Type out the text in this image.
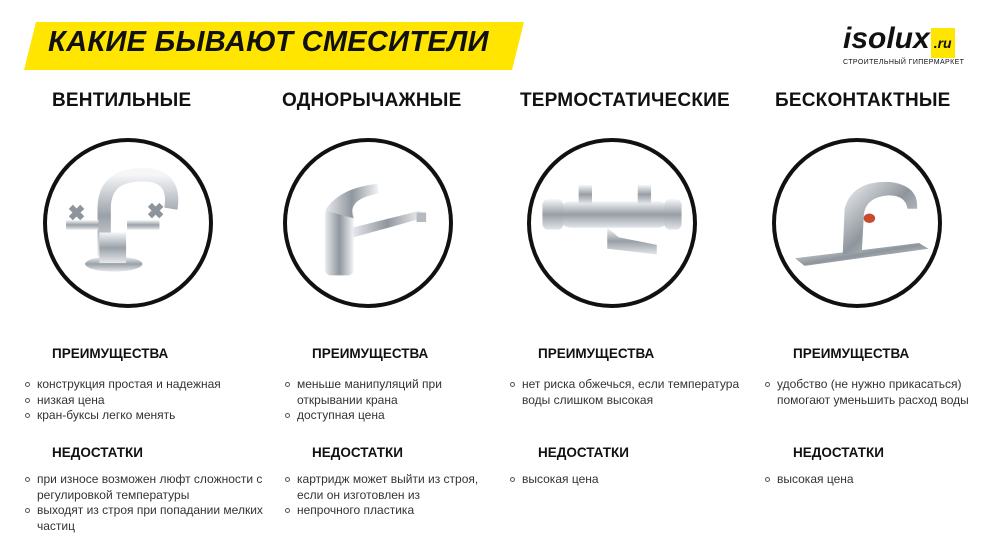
КАКИЕ БЫВАЮТ СМЕСИТЕЛИ	isolux .ru
СТРОИТЕЛЬНЫЙ ГИПЕРМАРКЕТ
ВЕНТИЛЬНЫЕ
ПРЕИМУЩЕСТВА
конструкция простая и надежная
низкая цена
кран-буксы легко менять
НЕДОСТАТКИ
при износе возможен люфт сложности с регулировкой температуры
выходят из строя при попадании мелких частиц
ОДНОРЫЧАЖНЫЕ
ПРЕИМУЩЕСТВА
меньше манипуляций при открывании крана
доступная цена
НЕДОСТАТКИ
картридж может выйти из строя, если он изготовлен из
непрочного пластика
ТЕРМОСТАТИЧЕСКИЕ
ПРЕИМУЩЕСТВА
нет риска обжечься, если температура воды слишком высокая
НЕДОСТАТКИ
высокая цена
БЕСКОНТАКТНЫЕ
ПРЕИМУЩЕСТВА
удобство (не нужно прикасаться) помогают уменьшить расход воды
НЕДОСТАТКИ
высокая цена
